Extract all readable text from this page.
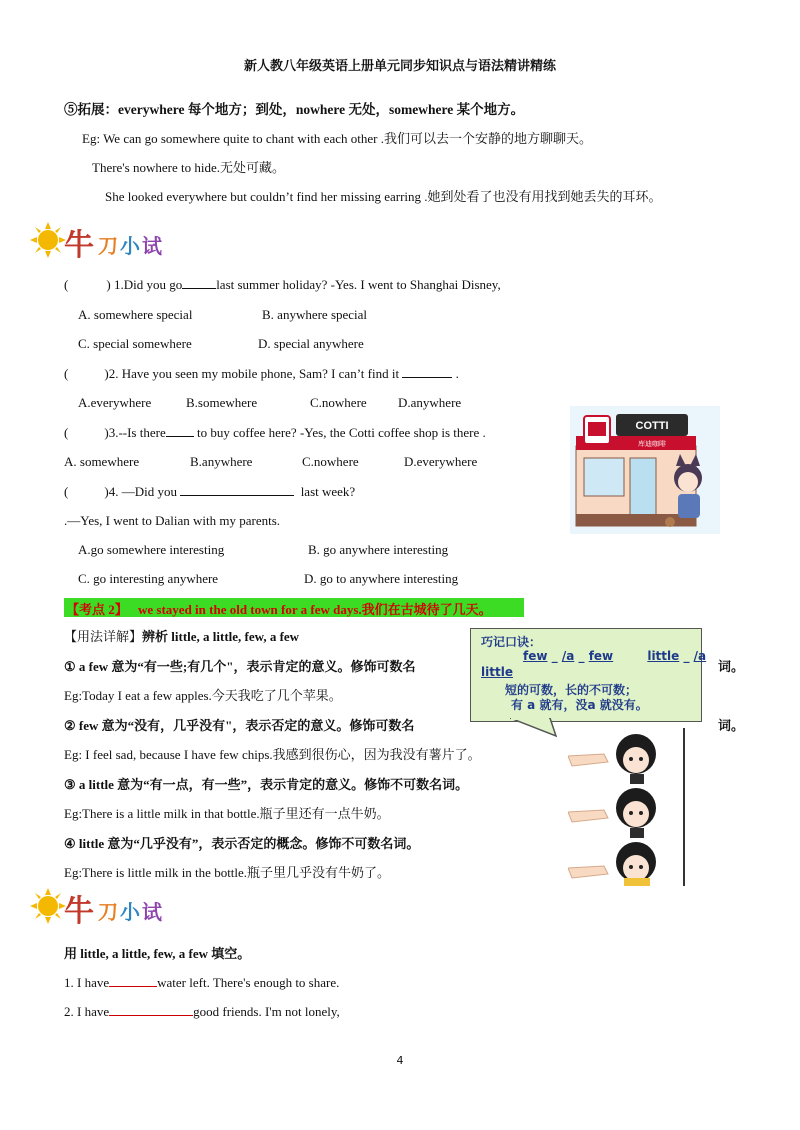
新人教八年级英语上册单元同步知识点与语法精讲精练
⑤拓展：everywhere 每个地方；到处，nowhere 无处，somewhere 某个地方。
Eg: We can go somewhere quite to chant with each other .我们可以去一个安静的地方聊聊天。
There's nowhere to hide.无处可藏。
She looked everywhere but couldn’t find her missing earring .她到处看了也没有用找到她丢失的耳环。
牛 刀 小 试
(	) 1.Did you go	last summer holiday? -Yes. I went to Shanghai Disney,
A. somewhere special	B. anywhere special
C. special somewhere	D. special anywhere
(	)2. Have you seen my mobile phone, Sam? I can’t find it	.
A.everywhere	B.somewhere	C.nowhere D.anywhere
(	)3.--Is there to buy coffee here? -Yes, the Cotti coffee shop is there .
A. somewhere	B.anywhere	C.nowhere	D.everywhere
(	)4. —Did you	last week?
.—Yes, I went to Dalian with my parents.
A.go somewhere interesting	B. go anywhere interesting
C. go interesting anywhere	D. go to anywhere interesting
COTTI
库迪咖啡
【考点 2】 we stayed in the old town for a few days.我们在古城待了几天。
【用法详解】辨析 little, a little, few, a few
① a few 意为“有一些;有几个"，表示肯定的意义。修饰可数名	词。
Eg:Today I eat a few apples.今天我吃了几个苹果。
② few 意为“没有，几乎没有"，表示否定的意义。修饰可数名	词。
Eg: I feel sad, because I have few chips.我感到很伤心，因为我没有薯片了。
③ a little 意为“有一点，有一些”，表示肯定的意义。修饰不可数名词。
Eg:There is a little milk in that bottle.瓶子里还有一点牛奶。
④ little 意为“几乎没有”，表示否定的概念。修饰不可数名词。
Eg:There is little milk in the bottle.瓶子里几乎没有牛奶了。
巧记口诀：
few _ /a _ few	little _ /a
little
短的可数，长的不可数；
有 a 就有，没a 就没有。
牛 刀 小 试
用 little, a little, few, a few 填空。
1. I have	water left. There's enough to share.
2. I have	good friends. I'm not lonely,
4
